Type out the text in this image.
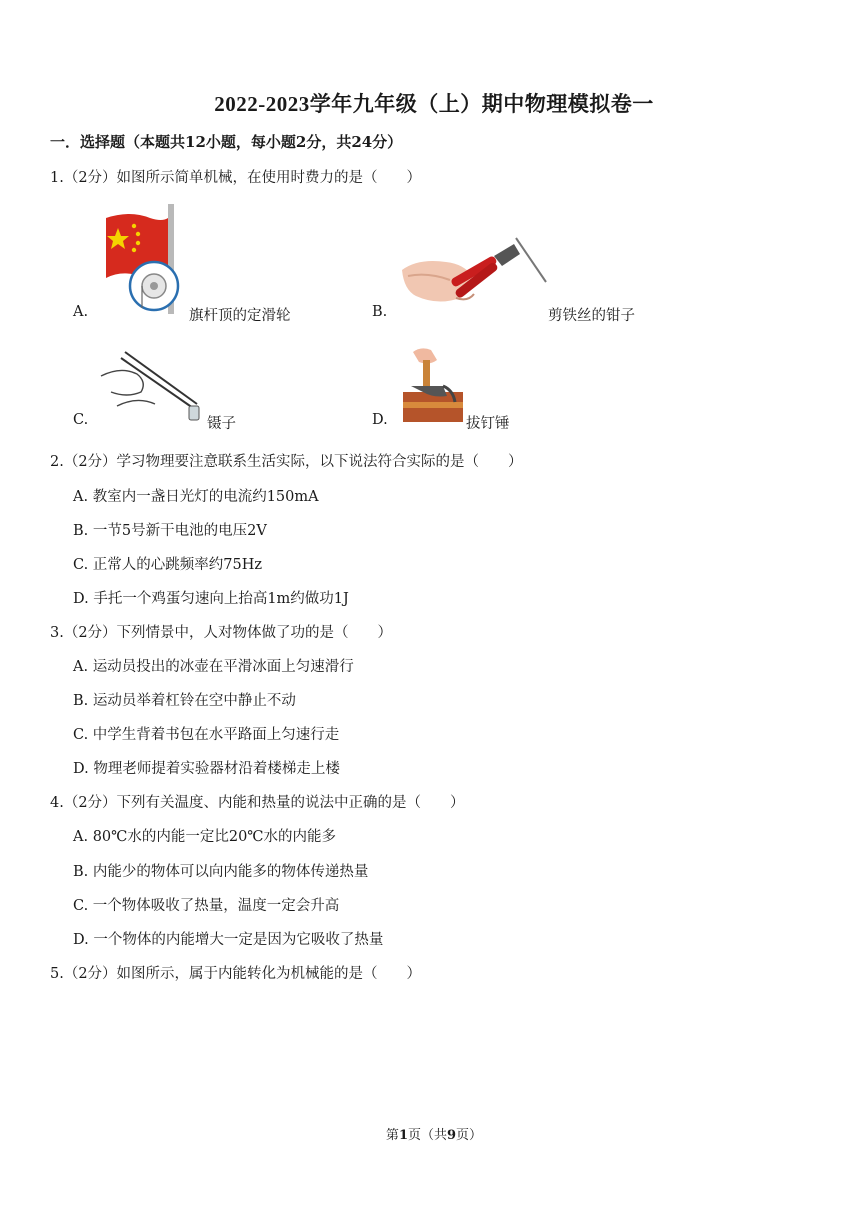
2022-2023学年九年级（上）期中物理模拟卷一
一．选择题（本题共12小题，每小题2分，共24分）
1.（2分）如图所示简单机械，在使用时费力的是（　　）
A.	旗杆顶的定滑轮	B.	剪铁丝的钳子
C.	镊子	D.	拔钉锤
2.（2分）学习物理要注意联系生活实际，以下说法符合实际的是（　　）
A. 教室内一盏日光灯的电流约150mA
B. 一节5号新干电池的电压2V
C. 正常人的心跳频率约75Hz
D. 手托一个鸡蛋匀速向上抬高1m约做功1J
3.（2分）下列情景中，人对物体做了功的是（　　）
A. 运动员投出的冰壶在平滑冰面上匀速滑行
B. 运动员举着杠铃在空中静止不动
C. 中学生背着书包在水平路面上匀速行走
D. 物理老师提着实验器材沿着楼梯走上楼
4.（2分）下列有关温度、内能和热量的说法中正确的是（　　）
A. 80℃水的内能一定比20℃水的内能多
B. 内能少的物体可以向内能多的物体传递热量
C. 一个物体吸收了热量，温度一定会升高
D. 一个物体的内能增大一定是因为它吸收了热量
5.（2分）如图所示，属于内能转化为机械能的是（　　）
第1页（共9页）
